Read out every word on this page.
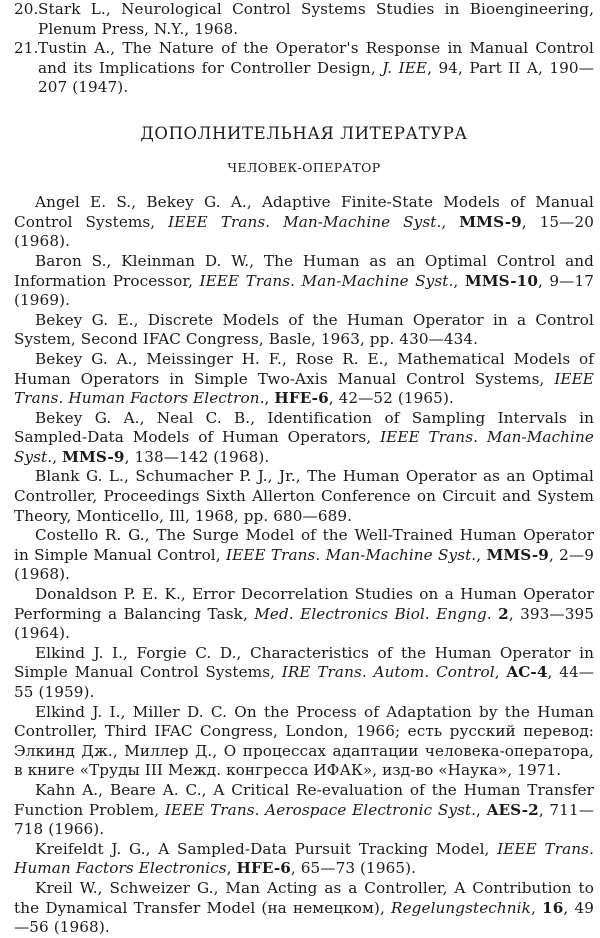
20. Stark L., Neurological Control Systems Studies in Bioengineering, Plenum Press, N.Y., 1968.

21. Tustin A., The Nature of the Operator's Response in Manual Control and its Implications for Controller Design, J. IEE, 94, Part II A, 190—207 (1947).

ДОПОЛНИТЕЛЬНАЯ ЛИТЕРАТУРА
ЧЕЛОВЕК-ОПЕРАТОР

Angel E. S., Bekey G. A., Adaptive Finite-State Models of Manual Control Systems, IEEE Trans. Man-Machine Syst., MMS-9, 15—20 (1968).

Baron S., Kleinman D. W., The Human as an Optimal Control and Information Processor, IEEE Trans. Man-Machine Syst., MMS-10, 9—17 (1969).

Bekey G. E., Discrete Models of the Human Operator in a Control System, Second IFAC Congress, Basle, 1963, pp. 430—434.

Bekey G. A., Meissinger H. F., Rose R. E., Mathematical Models of Human Operators in Simple Two-Axis Manual Control Systems, IEEE Trans. Human Factors Electron., HFE-6, 42—52 (1965).

Bekey G. A., Neal C. B., Identification of Sampling Intervals in Sampled-Data Models of Human Operators, IEEE Trans. Man-Machine Syst., MMS-9, 138—142 (1968).

Blank G. L., Schumacher P. J., Jr., The Human Operator as an Optimal Controller, Proceedings Sixth Allerton Conference on Circuit and System Theory, Monticello, Ill, 1968, pp. 680—689.

Costello R. G., The Surge Model of the Well-Trained Human Operator in Simple Manual Control, IEEE Trans. Man-Machine Syst., MMS-9, 2—9 (1968).

Donaldson P. E. K., Error Decorrelation Studies on a Human Operator Performing a Balancing Task, Med. Electronics Biol. Engng. 2, 393—395 (1964).

Elkind J. I., Forgie C. D., Characteristics of the Human Operator in Simple Manual Control Systems, IRE Trans. Autom. Control, AC-4, 44—55 (1959).

Elkind J. I., Miller D. C. On the Process of Adaptation by the Human Controller, Third IFAC Congress, London, 1966; есть русский перевод: Элкинд Дж., Миллер Д., О процессах адаптации человека-оператора, в книге «Труды III Межд. конгресса ИФАК», изд-во «Наука», 1971.

Kahn A., Beare A. C., A Critical Re-evaluation of the Human Transfer Function Problem, IEEE Trans. Aerospace Electronic Syst., AES-2, 711—718 (1966).

Kreifeldt J. G., A Sampled-Data Pursuit Tracking Model, IEEE Trans. Human Factors Electronics, HFE-6, 65—73 (1965).

Kreil W., Schweizer G., Man Acting as a Controller, A Contribution to the Dynamical Transfer Model (на немецком), Regelungstechnik, 16, 49—56 (1968).
